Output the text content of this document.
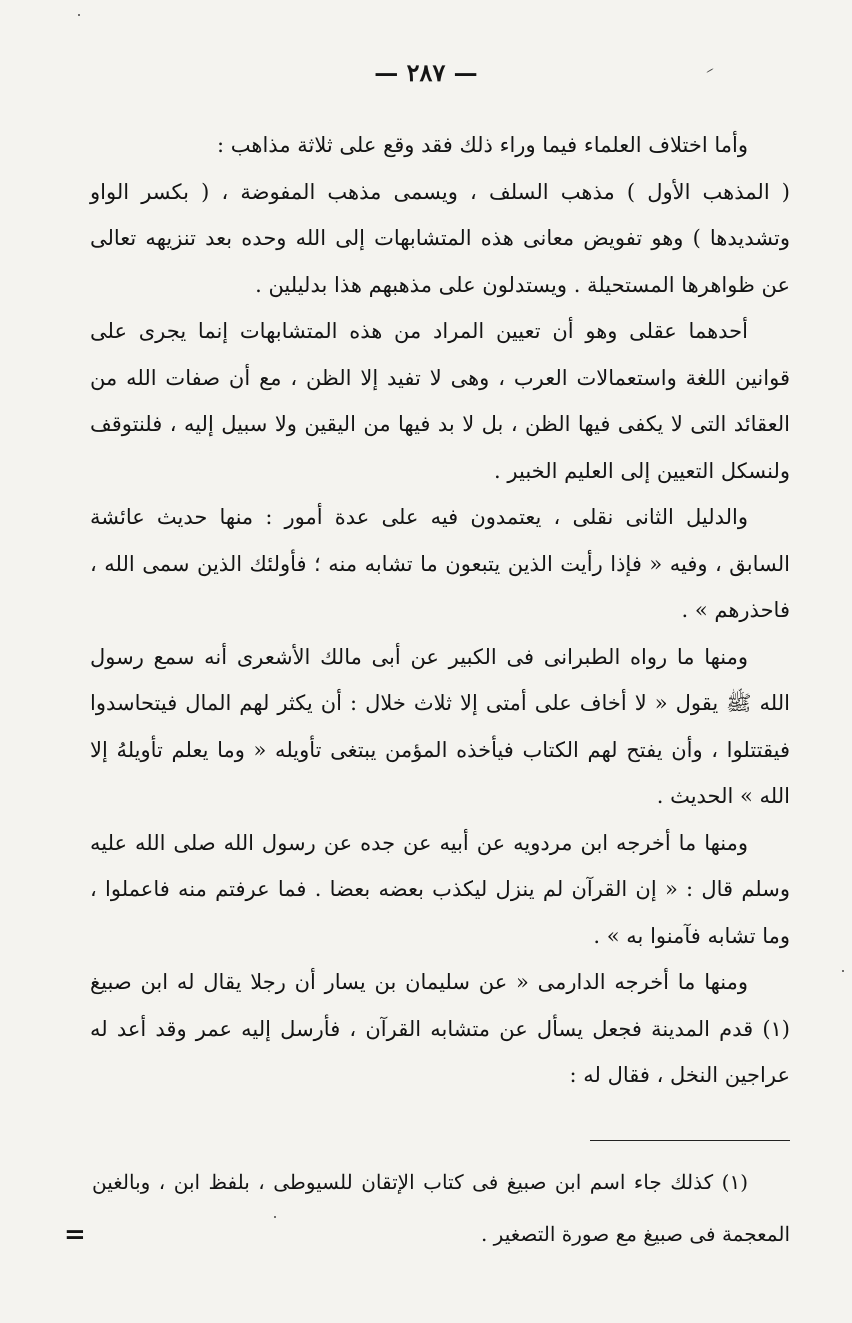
— ٢٨٧ —

وأما اختلاف العلماء فيما وراء ذلك فقد وقع على ثلاثة مذاهب :

( المذهب الأول ) مذهب السلف ، ويسمى مذهب المفوضة ، ( بكسر الواو وتشديدها ) وهو تفويض معانى هذه المتشابهات إلى الله وحده بعد تنزيهه تعالى عن ظواهرها المستحيلة . ويستدلون على مذهبهم هذا بدليلين .

أحدهما عقلى وهو أن تعيين المراد من هذه المتشابهات إنما يجرى على قوانين اللغة واستعمالات العرب ، وهى لا تفيد إلا الظن ، مع أن صفات الله من العقائد التى لا يكفى فيها الظن ، بل لا بد فيها من اليقين ولا سبيل إليه ، فلنتوقف ولنسكل التعيين إلى العليم الخبير .

والدليل الثانى نقلى ، يعتمدون فيه على عدة أمور : منها حديث عائشة السابق ، وفيه « فإذا رأيت الذين يتبعون ما تشابه منه ؛ فأولئك الذين سمى الله ، فاحذرهم » .

ومنها ما رواه الطبرانى فى الكبير عن أبى مالك الأشعرى أنه سمع رسول الله ﷺ يقول « لا أخاف على أمتى إلا ثلاث خلال : أن يكثر لهم المال فيتحاسدوا فيقتتلوا ، وأن يفتح لهم الكتاب فيأخذه المؤمن يبتغى تأويله « وما يعلم تأويلهُ إلا الله » الحديث .

ومنها ما أخرجه ابن مردويه عن أبيه عن جده عن رسول الله صلى الله عليه وسلم قال : « إن القرآن لم ينزل ليكذب بعضه بعضا . فما عرفتم منه فاعملوا ، وما تشابه فآمنوا به » .

ومنها ما أخرجه الدارمى « عن سليمان بن يسار أن رجلا يقال له ابن صبيغ (١) قدم المدينة فجعل يسأل عن متشابه القرآن ، فأرسل إليه عمر وقد أعد له عراجين النخل ، فقال له :

(١) كذلك جاء اسم ابن صبيغ فى كتاب الإتقان للسيوطى ، بلفظ ابن ، وبالغين المعجمة فى صبيغ مع صورة التصغير .

=
